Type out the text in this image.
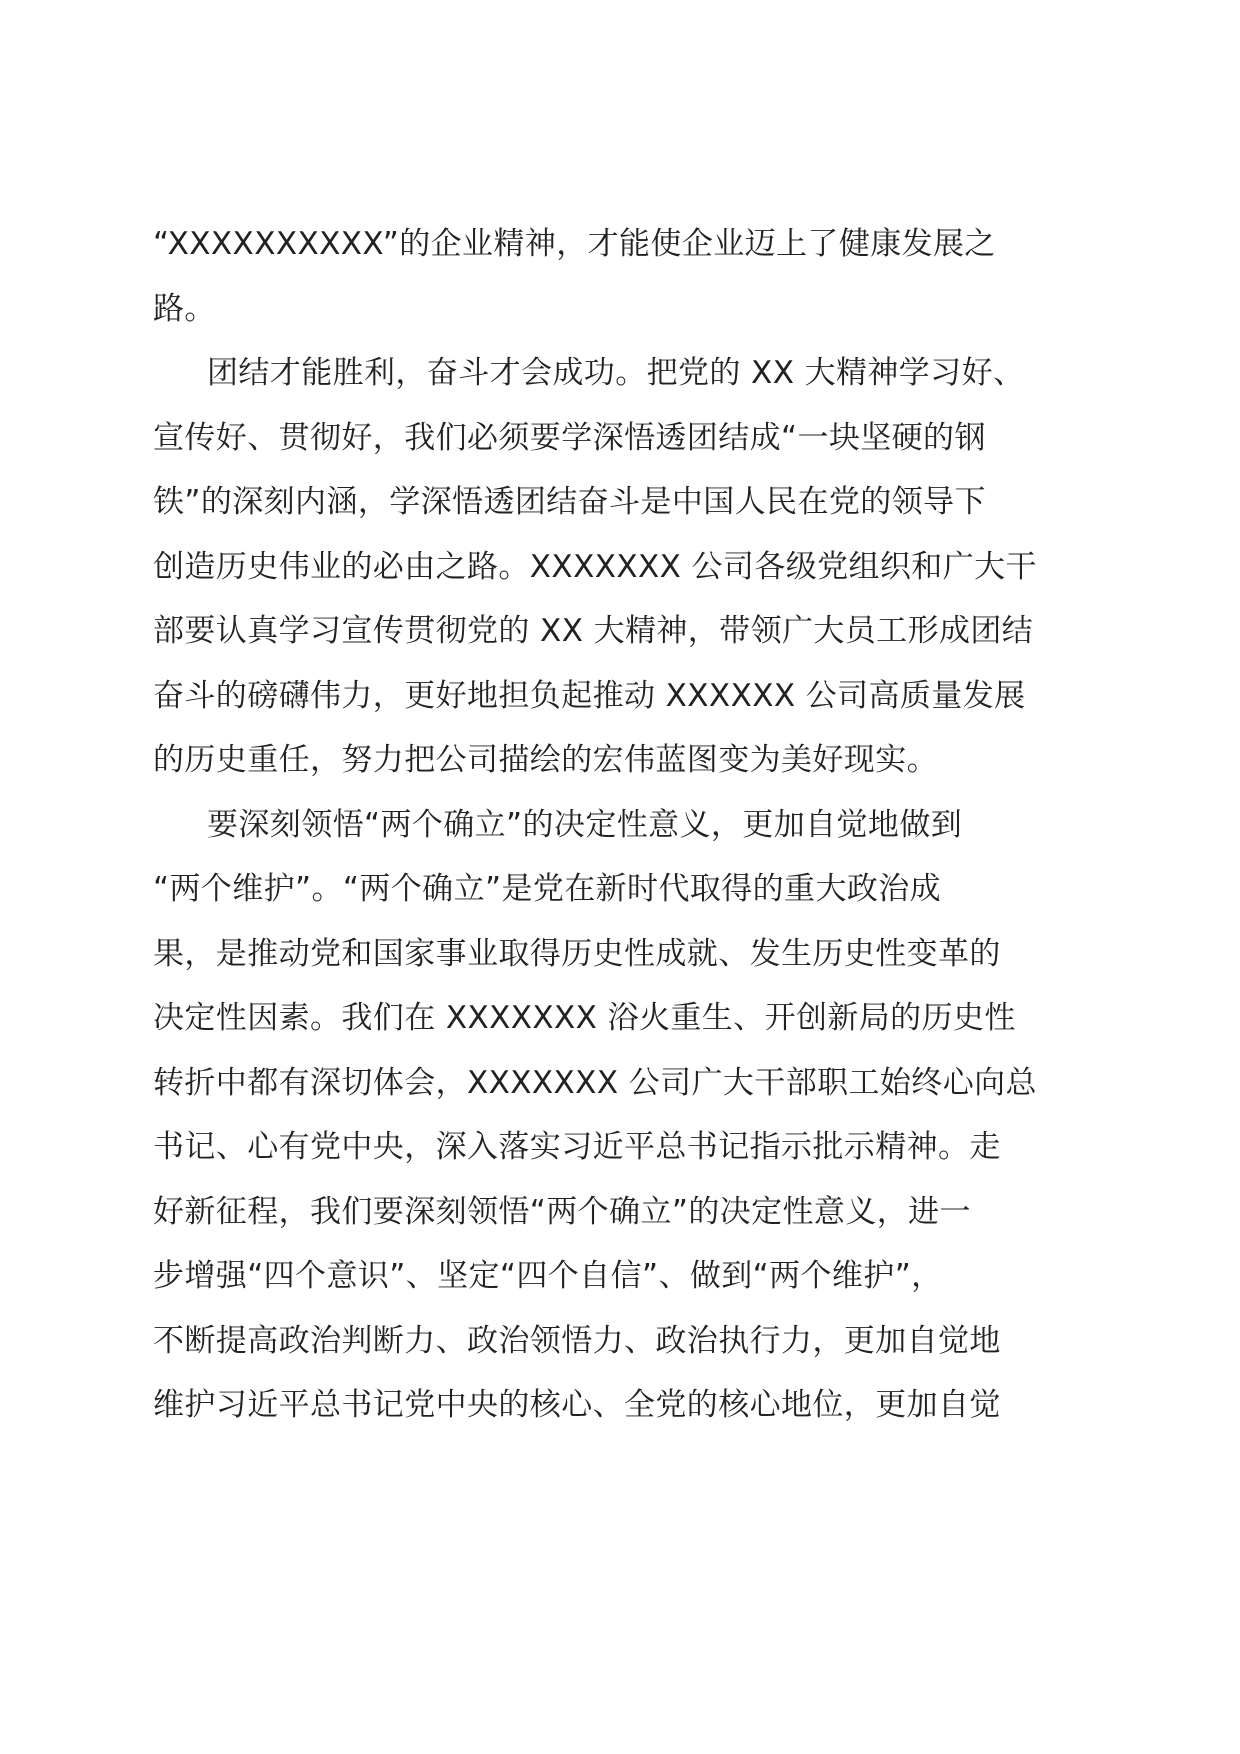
“XXXXXXXXXX”的企业精神，才能使企业迈上了健康发展之
路。
团结才能胜利，奋斗才会成功。把党的 XX 大精神学习好、
宣传好、贯彻好，我们必须要学深悟透团结成“一块坚硬的钢
铁”的深刻内涵，学深悟透团结奋斗是中国人民在党的领导下
创造历史伟业的必由之路。XXXXXXX 公司各级党组织和广大干
部要认真学习宣传贯彻党的 XX 大精神，带领广大员工形成团结
奋斗的磅礴伟力，更好地担负起推动 XXXXXX 公司高质量发展
的历史重任，努力把公司描绘的宏伟蓝图变为美好现实。
要深刻领悟“两个确立”的决定性意义，更加自觉地做到
“两个维护”。“两个确立”是党在新时代取得的重大政治成
果，是推动党和国家事业取得历史性成就、发生历史性变革的
决定性因素。我们在 XXXXXXX 浴火重生、开创新局的历史性
转折中都有深切体会，XXXXXXX 公司广大干部职工始终心向总
书记、心有党中央，深入落实习近平总书记指示批示精神。走
好新征程，我们要深刻领悟“两个确立”的决定性意义，进一
步增强“四个意识”、坚定“四个自信”、做到“两个维护”，
不断提高政治判断力、政治领悟力、政治执行力，更加自觉地
维护习近平总书记党中央的核心、全党的核心地位，更加自觉
